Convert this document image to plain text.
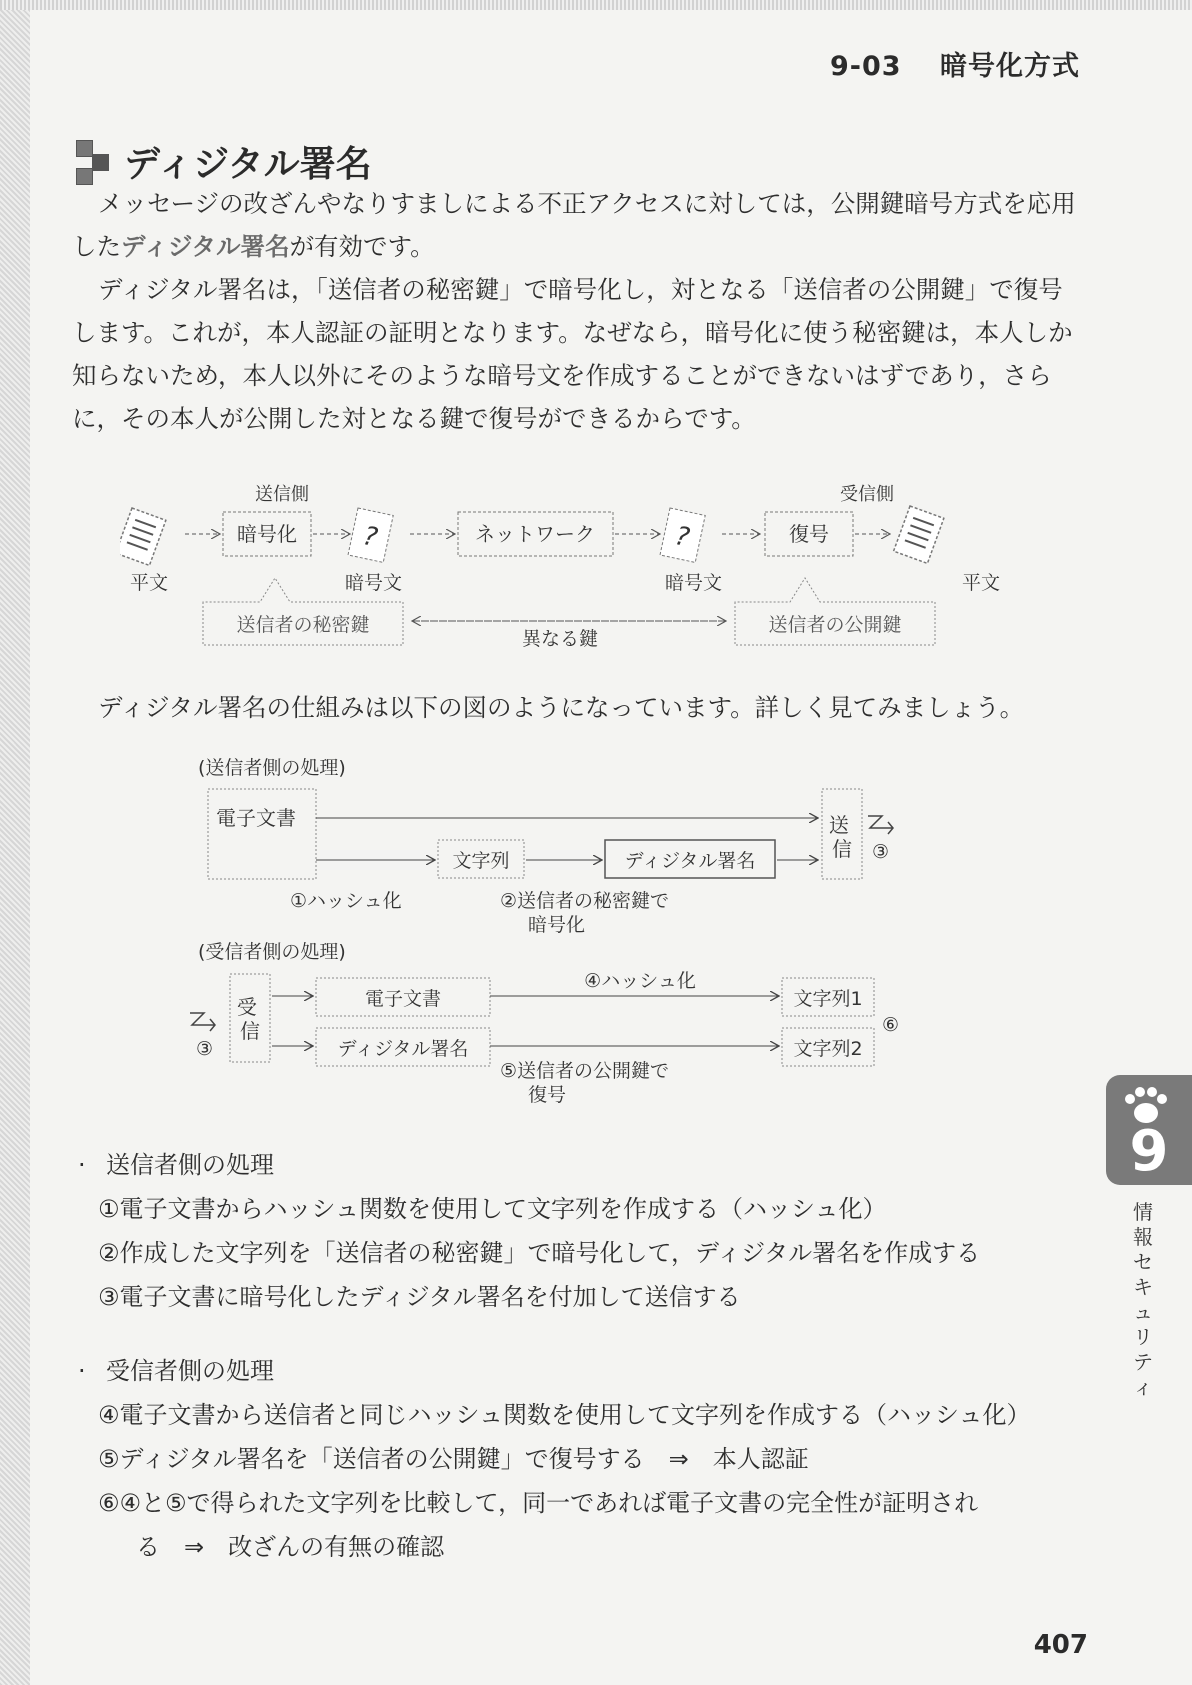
9-03 暗号化方式
ディジタル署名

メッセージの改ざんやなりすましによる不正アクセスに対しては，公開鍵暗号方式を応用したディジタル署名が有効です。

ディジタル署名は，「送信者の秘密鍵」で暗号化し，対となる「送信者の公開鍵」で復号します。これが，本人認証の証明となります。なぜなら，暗号化に使う秘密鍵は，本人しか知らないため，本人以外にそのような暗号文を作成することができないはずであり，さらに，その本人が公開した対となる鍵で復号ができるからです。

送信側	受信側
暗号化 ?	ネットワーク	?	復号
平文	暗号文	暗号文	平文
送信者の秘密鍵	送信者の公開鍵
異なる鍵

ディジタル署名の仕組みは以下の図のようになっています。詳しく見てみましょう。

(送信者側の処理)
電子文書
文字列	ディジタル署名
送 信 ③
①ハッシュ化	②送信者の秘密鍵で
暗号化
(受信者側の処理)
③
受 信
電子文書
ディジタル署名
④ハッシュ化
文字列1
文字列2
⑥
⑤送信者の公開鍵で
復号
· 送信者側の処理
①電子文書からハッシュ関数を使用して文字列を作成する（ハッシュ化）
②作成した文字列を「送信者の秘密鍵」で暗号化して，ディジタル署名を作成する
③電子文書に暗号化したディジタル署名を付加して送信する
· 受信者側の処理
④電子文書から送信者と同じハッシュ関数を使用して文字列を作成する（ハッシュ化）
⑤ディジタル署名を「送信者の公開鍵」で復号する　⇒　本人認証
⑥④と⑤で得られた文字列を比較して，同一であれば電子文書の完全性が証明され
る　⇒　改ざんの有無の確認
9
情
報
セ
キ
ュ
リ
テ
ィ
407
